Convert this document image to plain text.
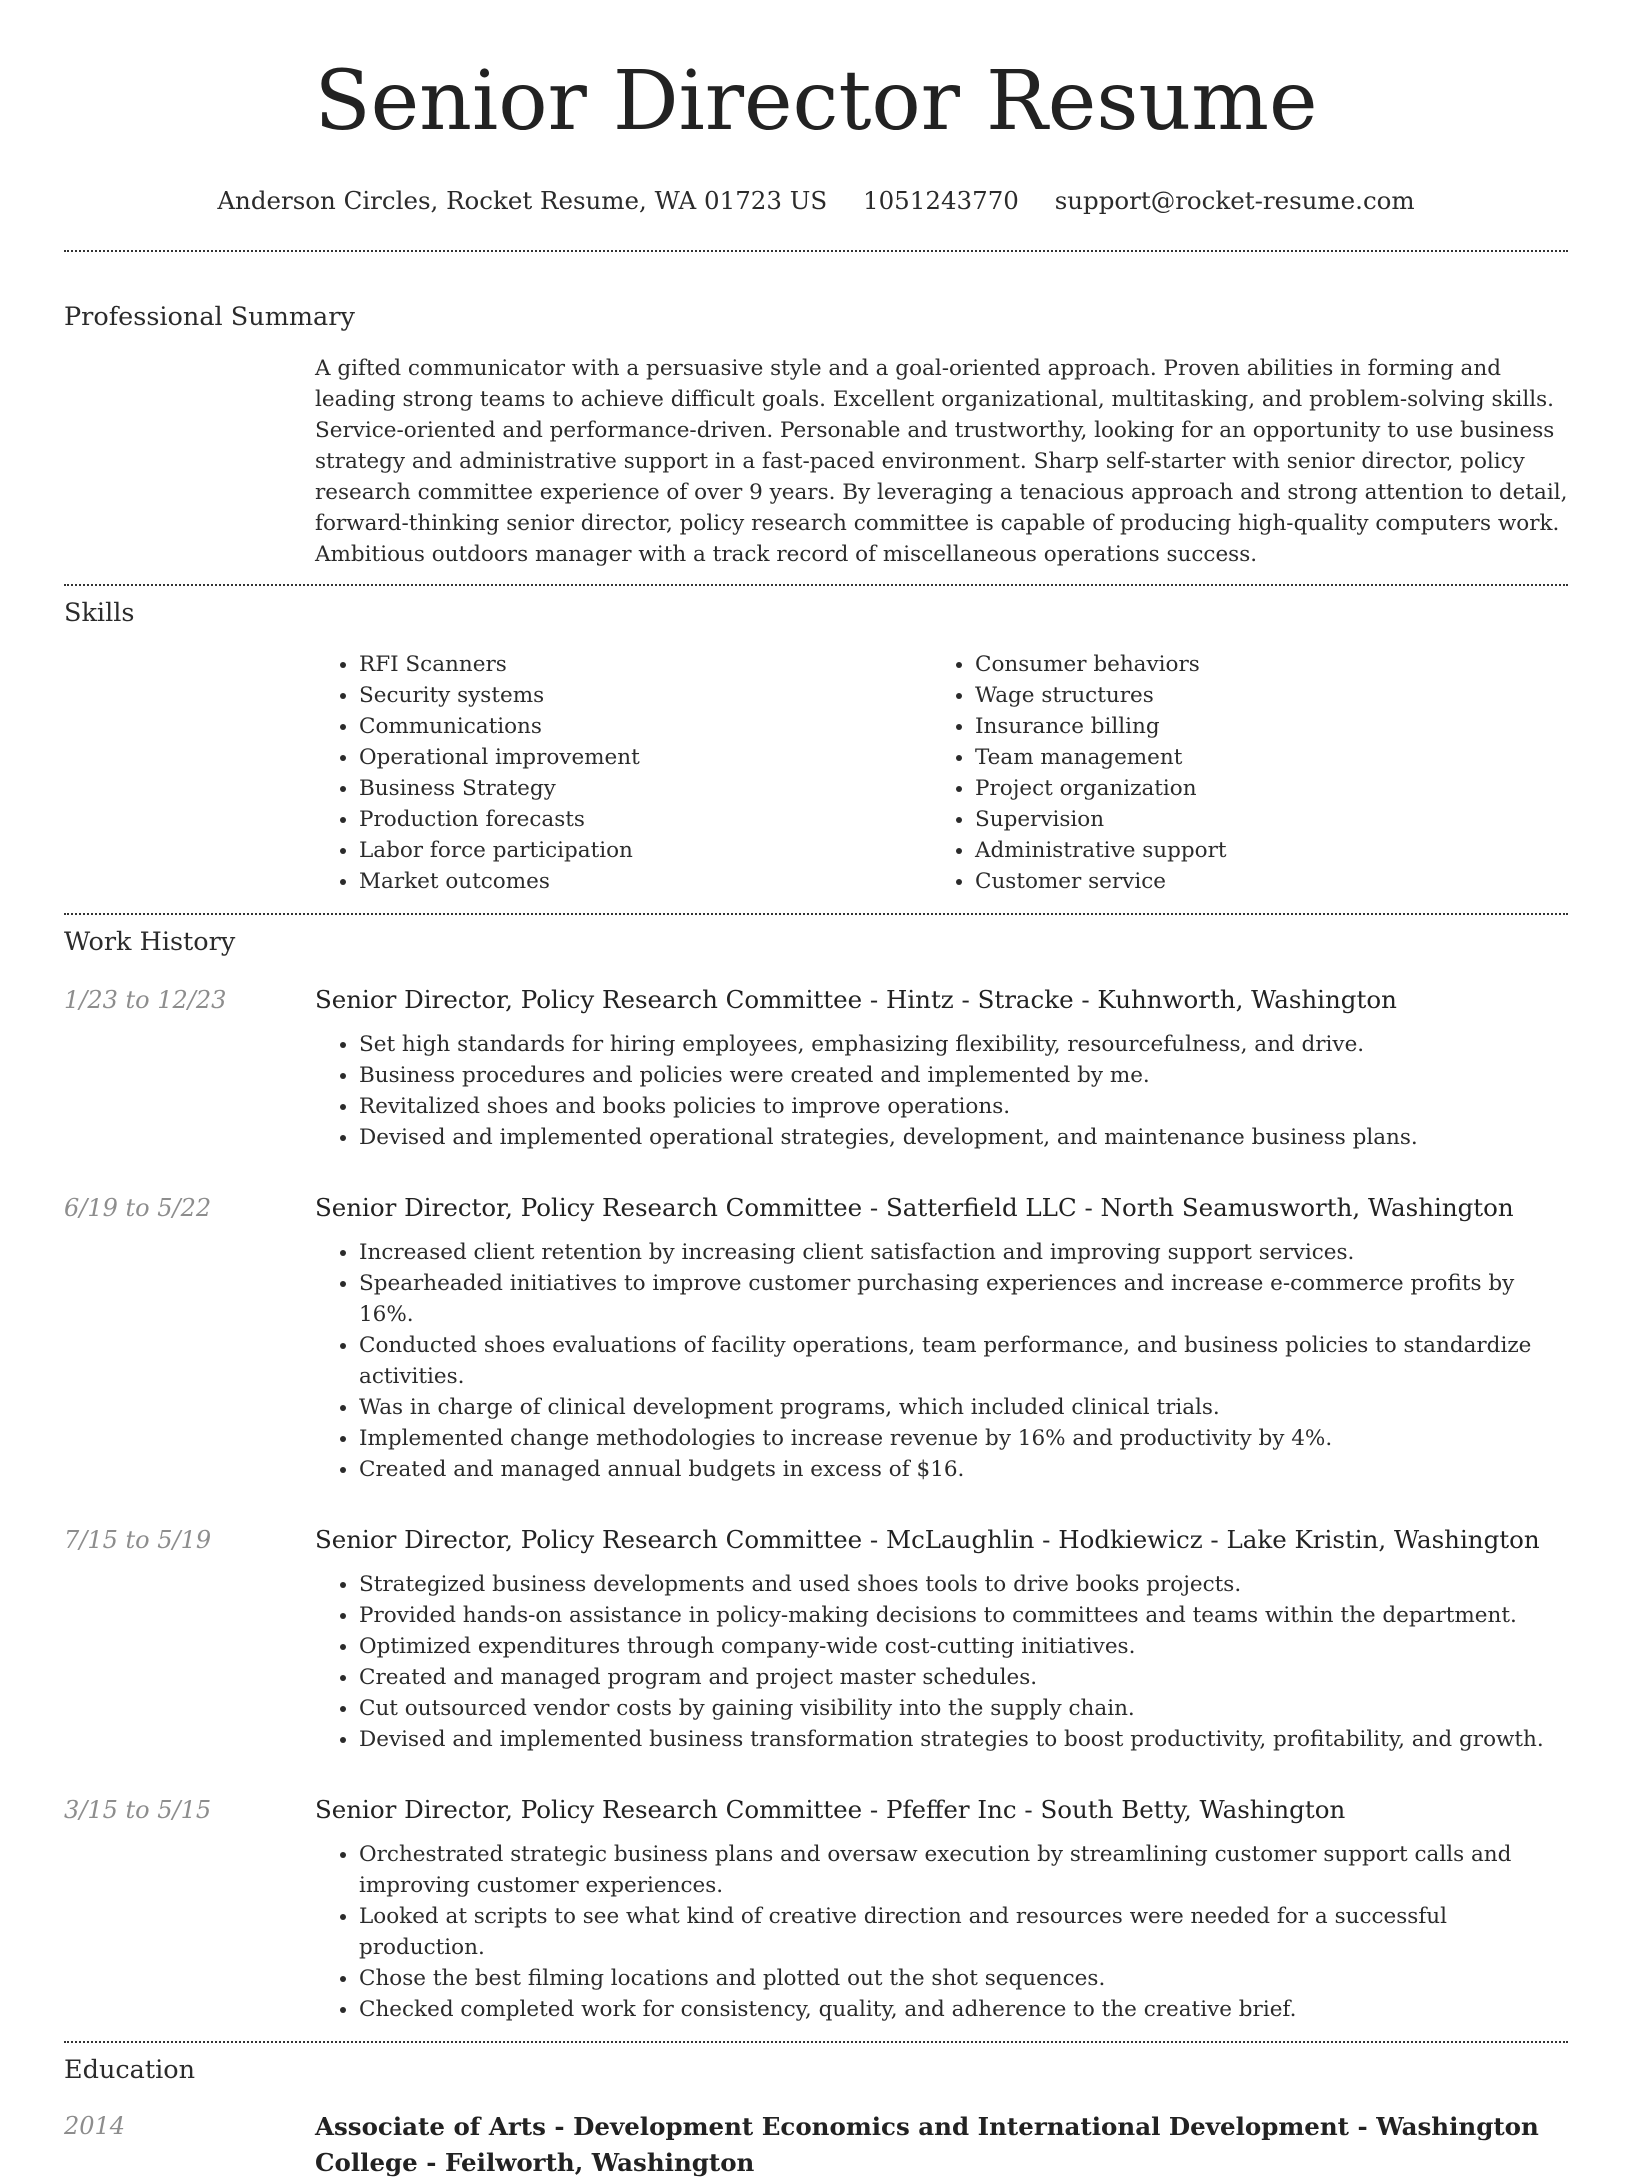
Senior Director Resume
Anderson Circles, Rocket Resume, WA 01723 US 1051243770 support@rocket-resume.com
Professional Summary

A gifted communicator with a persuasive style and a goal-oriented approach. Proven abilities in forming and leading strong teams to achieve difficult goals. Excellent organizational, multitasking, and problem-solving skills. Service-oriented and performance-driven. Personable and trustworthy, looking for an opportunity to use business strategy and administrative support in a fast-paced environment. Sharp self-starter with senior director, policy research committee experience of over 9 years. By leveraging a tenacious approach and strong attention to detail, forward-thinking senior director, policy research committee is capable of producing high-quality computers work. Ambitious outdoors manager with a track record of miscellaneous operations success.

Skills
• RFI Scanners
• Security systems
• Communications
• Operational improvement
• Business Strategy
• Production forecasts
• Labor force participation
• Market outcomes
• Consumer behaviors
• Wage structures
• Insurance billing
• Team management
• Project organization
• Supervision
• Administrative support
• Customer service
Work History
1/23 to 12/23	Senior Director, Policy Research Committee - Hintz - Stracke - Kuhnworth, Washington
• Set high standards for hiring employees, emphasizing flexibility, resourcefulness, and drive.
• Business procedures and policies were created and implemented by me.
• Revitalized shoes and books policies to improve operations.
• Devised and implemented operational strategies, development, and maintenance business plans.
6/19 to 5/22	Senior Director, Policy Research Committee - Satterfield LLC - North Seamusworth, Washington
• Increased client retention by increasing client satisfaction and improving support services.
• Spearheaded initiatives to improve customer purchasing experiences and increase e-commerce profits by 16%.
• Conducted shoes evaluations of facility operations, team performance, and business policies to standardize activities.
• Was in charge of clinical development programs, which included clinical trials.
• Implemented change methodologies to increase revenue by 16% and productivity by 4%.
• Created and managed annual budgets in excess of $16.
7/15 to 5/19	Senior Director, Policy Research Committee - McLaughlin - Hodkiewicz - Lake Kristin, Washington
• Strategized business developments and used shoes tools to drive books projects.
• Provided hands-on assistance in policy-making decisions to committees and teams within the department.
• Optimized expenditures through company-wide cost-cutting initiatives.
• Created and managed program and project master schedules.
• Cut outsourced vendor costs by gaining visibility into the supply chain.
• Devised and implemented business transformation strategies to boost productivity, profitability, and growth.
3/15 to 5/15	Senior Director, Policy Research Committee - Pfeffer Inc - South Betty, Washington
• Orchestrated strategic business plans and oversaw execution by streamlining customer support calls and improving customer experiences.
• Looked at scripts to see what kind of creative direction and resources were needed for a successful production.
• Chose the best filming locations and plotted out the shot sequences.
• Checked completed work for consistency, quality, and adherence to the creative brief.
Education
2014	Associate of Arts - Development Economics and International Development - Washington College - Feilworth, Washington
